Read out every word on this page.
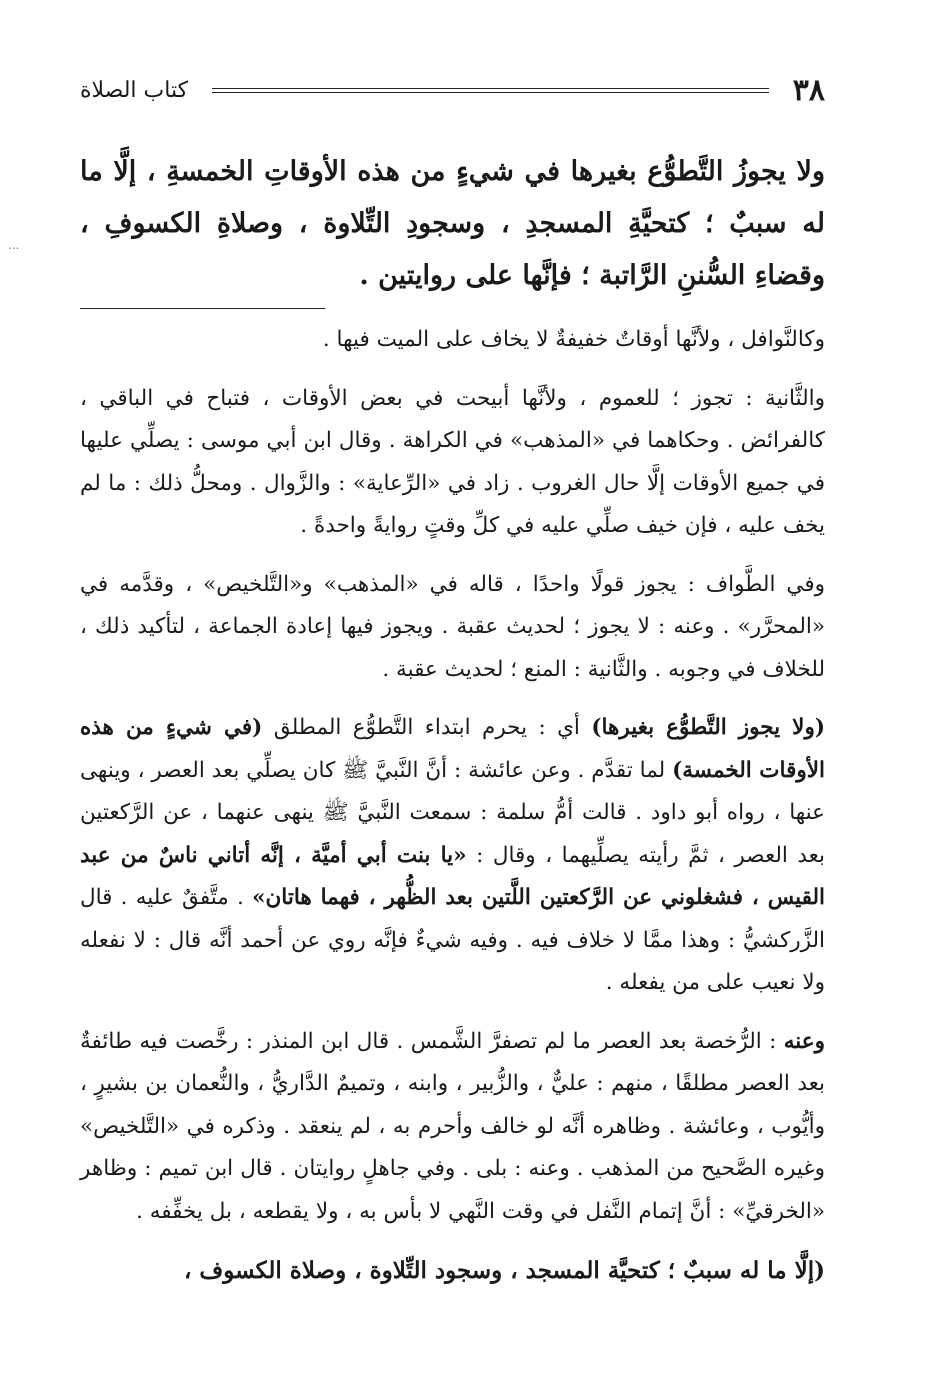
٣٨
كتاب الصلاة
ولا يجوزُ التَّطوُّع بغيرها في شيءٍ من هذه الأوقاتِ الخمسةِ ، إلَّا ما له سببٌ ؛ كتحيَّةِ المسجدِ ، وسجودِ التِّلاوة ، وصلاةِ الكسوفِ ، وقضاءِ السُّننِ الرَّاتبة ؛ فإنَّها على روايتين .

وكالنَّوافل ، ولأنَّها أوقاتٌ خفيفةٌ لا يخاف على الميت فيها .

والثَّانية : تجوز ؛ للعموم ، ولأنَّها أبيحت في بعض الأوقات ، فتباح في الباقي ، كالفرائض . وحكاهما في «المذهب» في الكراهة . وقال ابن أبي موسى : يصلِّي عليها في جميع الأوقات إلَّا حال الغروب . زاد في «الرِّعاية» : والزَّوال . ومحلُّ ذلك : ما لم يخف عليه ، فإن خيف صلِّي عليه في كلِّ وقتٍ روايةً واحدةً .

وفي الطَّواف : يجوز قولًا واحدًا ، قاله في «المذهب» و«التَّلخيص» ، وقدَّمه في «المحرَّر» . وعنه : لا يجوز ؛ لحديث عقبة . ويجوز فيها إعادة الجماعة ، لتأكيد ذلك ، للخلاف في وجوبه . والثَّانية : المنع ؛ لحديث عقبة .

(ولا يجوز التَّطوُّع بغيرها) أي : يحرم ابتداء التَّطوُّع المطلق (في شيءٍ من هذه الأوقات الخمسة) لما تقدَّم . وعن عائشة : أنَّ النَّبيَّ ﷺ كان يصلِّي بعد العصر ، وينهى عنها ، رواه أبو داود . قالت أمُّ سلمة : سمعت النَّبيَّ ﷺ ينهى عنهما ، عن الرَّكعتين بعد العصر ، ثمَّ رأيته يصلِّيهما ، وقال : «يا بنت أبي أميَّة ، إنَّه أتاني ناسٌ من عبد القيس ، فشغلوني عن الرَّكعتين اللَّتين بعد الظُّهر ، فهما هاتان» . متَّفقٌ عليه . قال الزَّركشيُّ : وهذا ممَّا لا خلاف فيه . وفيه شيءٌ فإنَّه روي عن أحمد أنَّه قال : لا نفعله ولا نعيب على من يفعله .

وعنه : الرُّخصة بعد العصر ما لم تصفرَّ الشَّمس . قال ابن المنذر : رخَّصت فيه طائفةٌ بعد العصر مطلقًا ، منهم : عليٌّ ، والزُّبير ، وابنه ، وتميمٌ الدَّاريُّ ، والنُّعمان بن بشيرٍ ، وأيُّوب ، وعائشة . وظاهره أنَّه لو خالف وأحرم به ، لم ينعقد . وذكره في «التَّلخيص» وغيره الصَّحيح من المذهب . وعنه : بلى . وفي جاهلٍ روايتان . قال ابن تميم : وظاهر «الخرقيِّ» : أنَّ إتمام النَّفل في وقت النَّهي لا بأس به ، ولا يقطعه ، بل يخفِّفه .

(إلَّا ما له سببٌ ؛ كتحيَّة المسجد ، وسجود التِّلاوة ، وصلاة الكسوف ،
...
